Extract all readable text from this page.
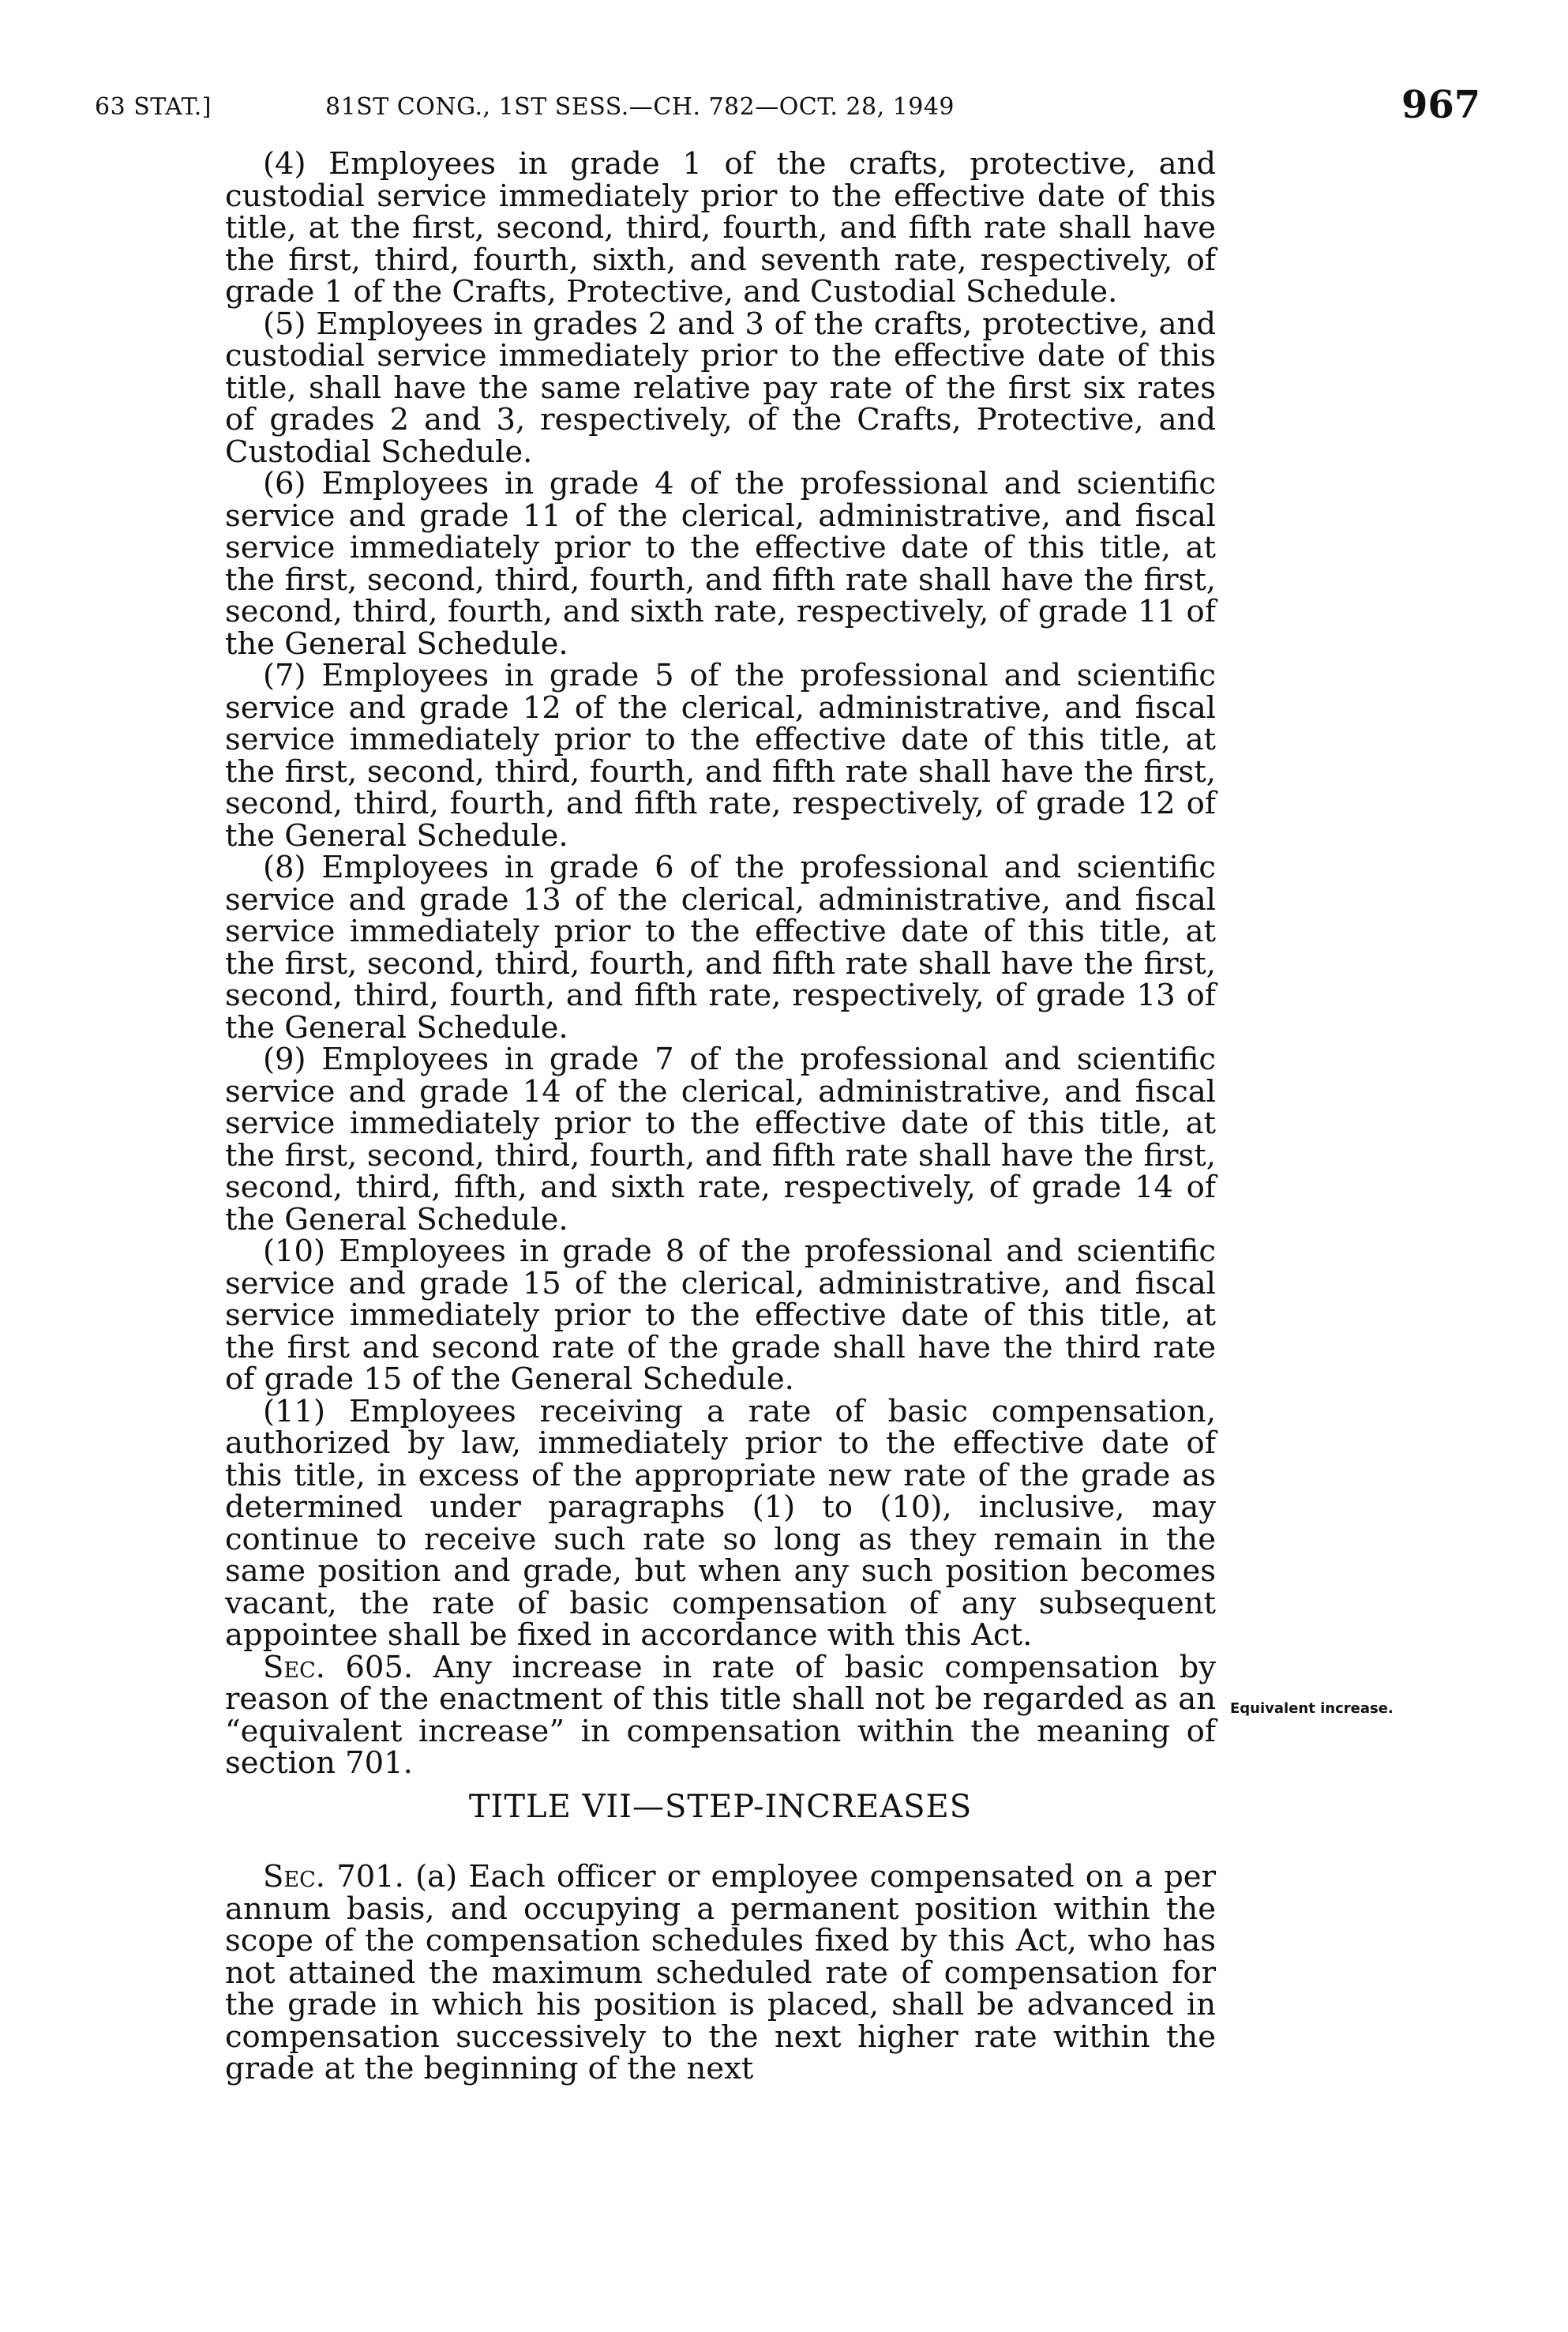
63 STAT.]	81ST CONG., 1ST SESS.—CH. 782—OCT. 28, 1949	967

(4) Employees in grade 1 of the crafts, protective, and custodial service immediately prior to the effective date of this title, at the first, second, third, fourth, and fifth rate shall have the first, third, fourth, sixth, and seventh rate, respectively, of grade 1 of the Crafts, Protective, and Custodial Schedule.

(5) Employees in grades 2 and 3 of the crafts, protective, and custodial service immediately prior to the effective date of this title, shall have the same relative pay rate of the first six rates of grades 2 and 3, respectively, of the Crafts, Protective, and Custodial Schedule.

(6) Employees in grade 4 of the professional and scientific service and grade 11 of the clerical, administrative, and fiscal service immediately prior to the effective date of this title, at the first, second, third, fourth, and fifth rate shall have the first, second, third, fourth, and sixth rate, respectively, of grade 11 of the General Schedule.

(7) Employees in grade 5 of the professional and scientific service and grade 12 of the clerical, administrative, and fiscal service immediately prior to the effective date of this title, at the first, second, third, fourth, and fifth rate shall have the first, second, third, fourth, and fifth rate, respectively, of grade 12 of the General Schedule.

(8) Employees in grade 6 of the professional and scientific service and grade 13 of the clerical, administrative, and fiscal service immediately prior to the effective date of this title, at the first, second, third, fourth, and fifth rate shall have the first, second, third, fourth, and fifth rate, respectively, of grade 13 of the General Schedule.

(9) Employees in grade 7 of the professional and scientific service and grade 14 of the clerical, administrative, and fiscal service immediately prior to the effective date of this title, at the first, second, third, fourth, and fifth rate shall have the first, second, third, fifth, and sixth rate, respectively, of grade 14 of the General Schedule.

(10) Employees in grade 8 of the professional and scientific service and grade 15 of the clerical, administrative, and fiscal service immediately prior to the effective date of this title, at the first and second rate of the grade shall have the third rate of grade 15 of the General Schedule.

(11) Employees receiving a rate of basic compensation, authorized by law, immediately prior to the effective date of this title, in excess of the appropriate new rate of the grade as determined under paragraphs (1) to (10), inclusive, may continue to receive such rate so long as they remain in the same position and grade, but when any such position becomes vacant, the rate of basic compensation of any subsequent appointee shall be fixed in accordance with this Act.

Sec. 605. Any increase in rate of basic compensation by reason of the enactment of this title shall not be regarded as an “equivalent increase” in compensation within the meaning of section 701.

Equivalent increase.
TITLE VII—STEP-INCREASES

Sec. 701. (a) Each officer or employee compensated on a per annum basis, and occupying a permanent position within the scope of the compensation schedules fixed by this Act, who has not attained the maximum scheduled rate of compensation for the grade in which his position is placed, shall be advanced in compensation successively to the next higher rate within the grade at the beginning of the next
